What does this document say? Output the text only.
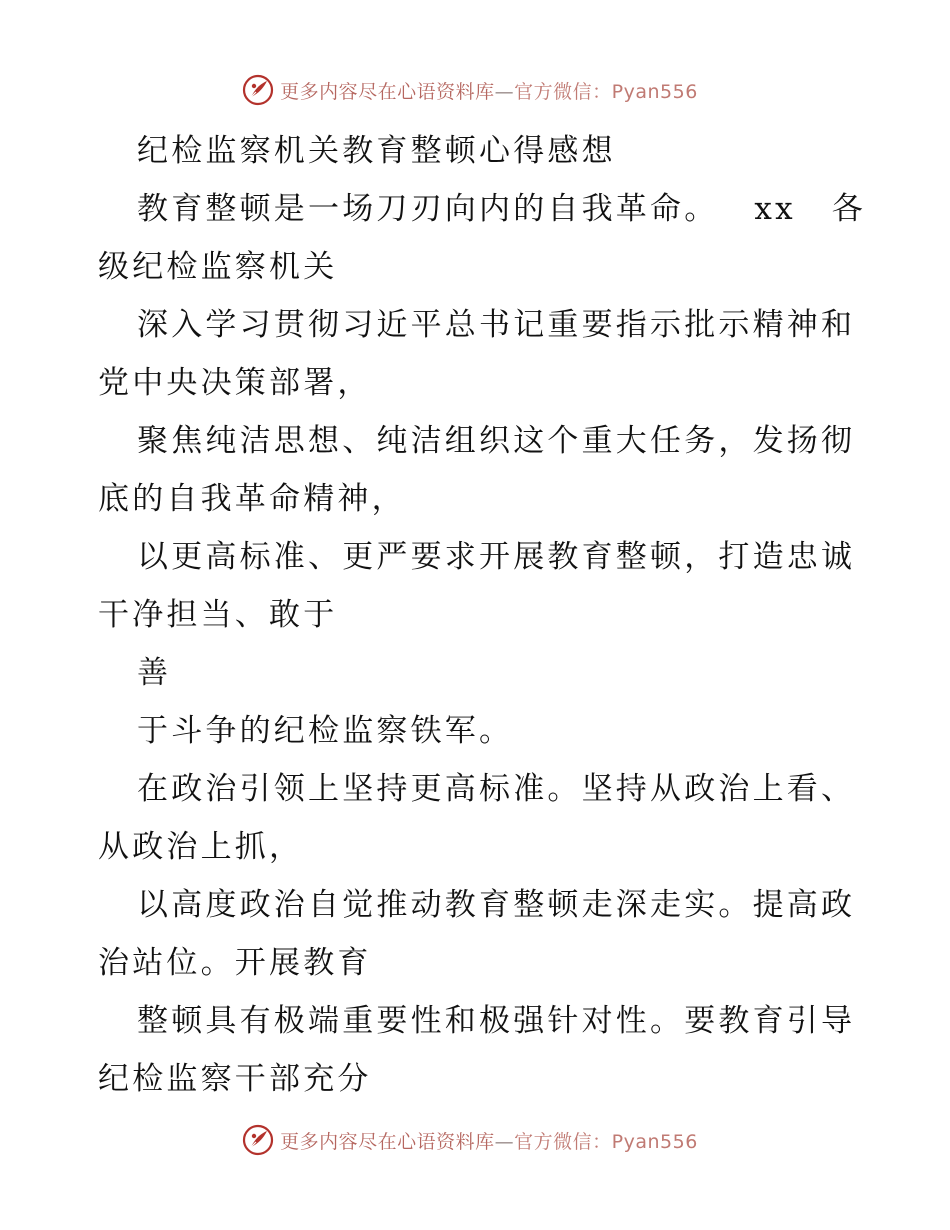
更多内容尽在心语资料库—官方微信：Pyan556
纪检监察机关教育整顿心得感想
教育整顿是一场刀刃向内的自我革命。 xx 各
级纪检监察机关
深入学习贯彻习近平总书记重要指示批示精神和
党中央决策部署，
聚焦纯洁思想、纯洁组织这个重大任务，发扬彻
底的自我革命精神，
以更高标准、更严要求开展教育整顿，打造忠诚
干净担当、敢于
善
于斗争的纪检监察铁军。
在政治引领上坚持更高标准。坚持从政治上看、
从政治上抓，
以高度政治自觉推动教育整顿走深走实。提高政
治站位。开展教育
整顿具有极端重要性和极强针对性。要教育引导
纪检监察干部充分
更多内容尽在心语资料库—官方微信：Pyan556
